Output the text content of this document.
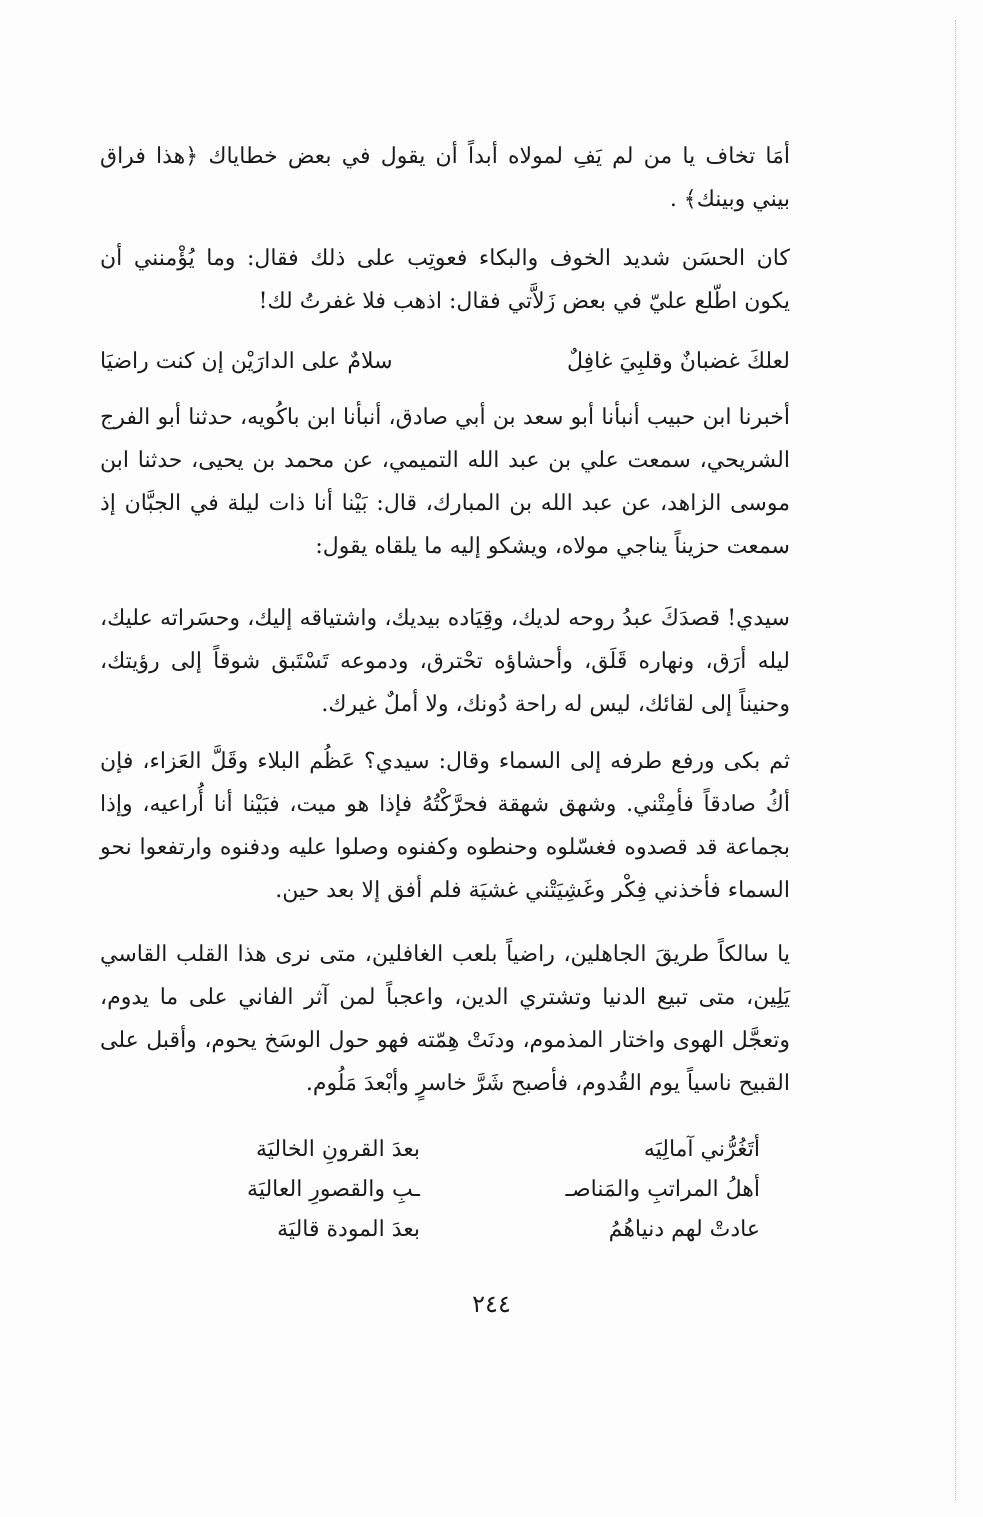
أمَا تخاف يا من لم يَفِ لمولاه أبداً أن يقول في بعض خطاياك ﴿هذا فراق بيني وبينك﴾ .
كان الحسَن شديد الخوف والبكاء فعوتِب على ذلك فقال: وما يُؤْمنني أن يكون اطّلع عليّ في بعض زَلاَّتي فقال: اذهب فلا غفرتُ لك!
لعلكَ غضبانٌ وقلبِيَ غافِلٌ
سلامٌ على الدارَيْن إن كنت راضيَا
أخبرنا ابن حبيب أنبأنا أبو سعد بن أبي صادق، أنبأنا ابن باكُويه، حدثنا أبو الفرج الشريحي، سمعت علي بن عبد الله التميمي، عن محمد بن يحيى، حدثنا ابن موسى الزاهد، عن عبد الله بن المبارك، قال: بَيْنا أنا ذات ليلة في الجبَّان إذ سمعت حزيناً يناجي مولاه، ويشكو إليه ما يلقاه يقول:
سيدي! قصدَكَ عبدُ روحه لديك، وقِيَاده بيديك، واشتياقه إليك، وحسَراته عليك، ليله أرَق، ونهاره قَلَق، وأحشاؤه تحْترق، ودموعه تَسْتَبق شوقاً إلى رؤيتك، وحنيناً إلى لقائك، ليس له راحة دُونك، ولا أملٌ غيرك.
ثم بكى ورفع طرفه إلى السماء وقال: سيدي؟ عَظُم البلاء وقَلَّ العَزاء، فإن أكُ صادقاً فأمِتْني. وشهق شهقة فحرَّكْتُهُ فإذا هو ميت، فبَيْنا أنا أُراعيه، وإذا بجماعة قد قصدوه فغسّلوه وحنطوه وكفنوه وصلوا عليه ودفنوه وارتفعوا نحو السماء فأخذني فِكْر وغَشِيَتْني غشيَة فلم أفق إلا بعد حين.
يا سالكاً طريقَ الجاهلين، راضياً بلعب الغافلين، متى نرى هذا القلب القاسي يَلِين، متى تبيع الدنيا وتشتري الدين، واعجباً لمن آثر الفاني على ما يدوم، وتعجَّل الهوى واختار المذموم، ودنَتْ هِمّته فهو حول الوسَخ يحوم، وأقبل على القبيح ناسياً يوم القُدوم، فأصبح شَرَّ خاسرٍ وأبْعدَ مَلُوم.
أتَغُرُّني آمالِيَه
بعدَ القرونِ الخاليَة
أهلُ المراتبِ والمَناصـ
ـبِ والقصورِ العاليَة
عادتْ لهم دنياهُمُ
بعدَ المودة قاليَة
٢٤٤
